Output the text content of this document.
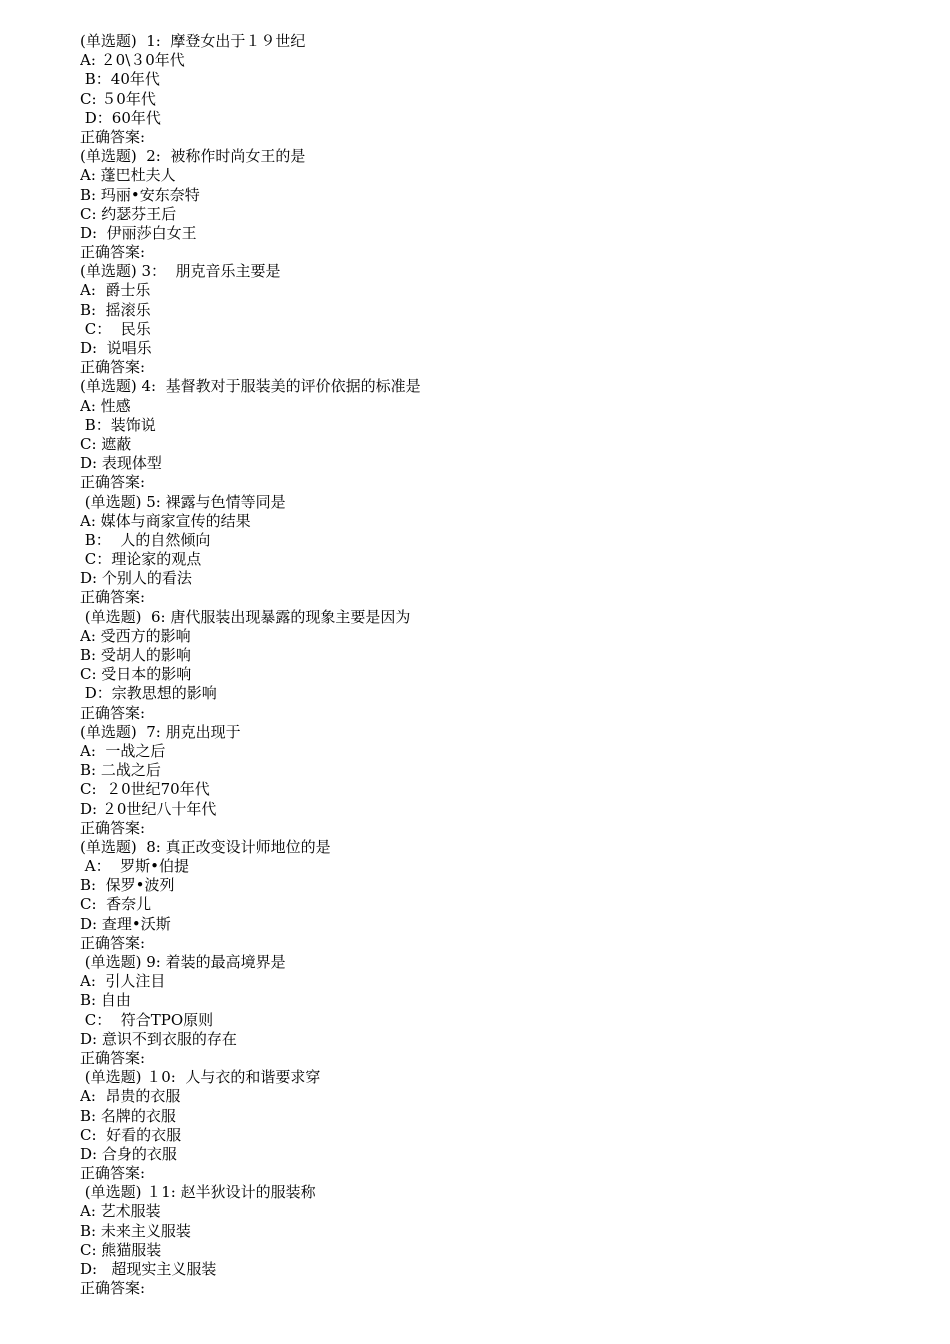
(单选题)  1:  摩登女出于１９世纪
A: ２0\３0年代
B：40年代
C: ５0年代
D：60年代
正确答案:
(单选题)  2:  被称作时尚女王的是
A: 蓬巴杜夫人
B: 玛丽•安东奈特
C: 约瑟芬王后
D:  伊丽莎白女王
正确答案:
(单选题) 3：  朋克音乐主要是
A:  爵士乐
B:  摇滚乐
C：  民乐
D:  说唱乐
正确答案:
(单选题) 4:  基督教对于服装美的评价依据的标准是
A: 性感
B：装饰说
C: 遮蔽
D: 表现体型
正确答案:
(单选题) 5: 裸露与色情等同是
A: 媒体与商家宣传的结果
B：  人的自然倾向
C：理论家的观点
D: 个别人的看法
正确答案:
(单选题)  6: 唐代服装出现暴露的现象主要是因为
A: 受西方的影响
B: 受胡人的影响
C: 受日本的影响
D：宗教思想的影响
正确答案:
(单选题)  7: 朋克出现于
A:  一战之后
B: 二战之后
C:  ２0世纪70年代
D: ２0世纪八十年代
正确答案:
(单选题)  8: 真正改变设计师地位的是
A：  罗斯•伯提
B:  保罗•波列
C:  香奈儿
D: 查理•沃斯
正确答案:
(单选题) 9: 着装的最高境界是
A:  引人注目
B: 自由
C：  符合TPO原则
D: 意识不到衣服的存在
正确答案:
(单选题) １0:  人与衣的和谐要求穿
A:  昂贵的衣服
B: 名牌的衣服
C:  好看的衣服
D: 合身的衣服
正确答案:
(单选题) １1: 赵半狄设计的服装称
A: 艺术服装
B: 未来主义服装
C: 熊猫服装
D:   超现实主义服装
正确答案:
